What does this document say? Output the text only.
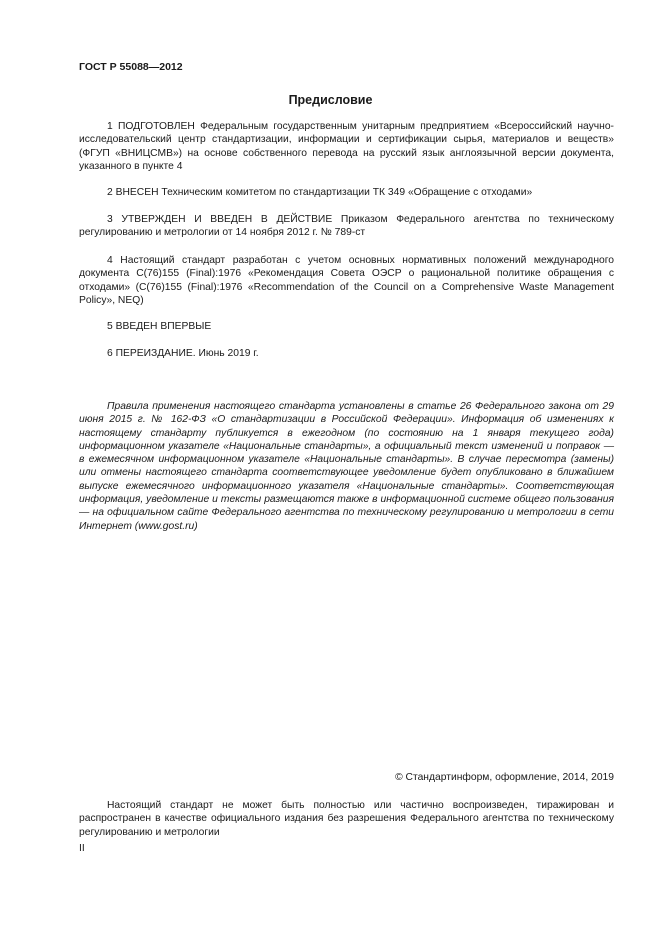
ГОСТ Р 55088—2012
Предисловие

1 ПОДГОТОВЛЕН Федеральным государственным унитарным предприятием «Всероссийский научно-исследовательский центр стандартизации, информации и сертификации сырья, материалов и веществ» (ФГУП «ВНИЦСМВ») на основе собственного перевода на русский язык англоязычной версии документа, указанного в пункте 4

2 ВНЕСЕН Техническим комитетом по стандартизации ТК 349 «Обращение с отходами»

3 УТВЕРЖДЕН И ВВЕДЕН В ДЕЙСТВИЕ Приказом Федерального агентства по техническому регулированию и метрологии от 14 ноября 2012 г. № 789-ст

4 Настоящий стандарт разработан с учетом основных нормативных положений международного документа C(76)155 (Final):1976 «Рекомендация Совета ОЭСР о рациональной политике обращения с отходами» (C(76)155 (Final):1976 «Recommendation of the Council on a Comprehensive Waste Management Policy», NEQ)

5 ВВЕДЕН ВПЕРВЫЕ

6 ПЕРЕИЗДАНИЕ. Июнь 2019 г.

Правила применения настоящего стандарта установлены в статье 26 Федерального закона от 29 июня 2015 г. № 162-ФЗ «О стандартизации в Российской Федерации». Информация об изменениях к настоящему стандарту публикуется в ежегодном (по состоянию на 1 января текущего года) информационном указателе «Национальные стандарты», а официальный текст изменений и поправок — в ежемесячном информационном указателе «Национальные стандарты». В случае пересмотра (замены) или отмены настоящего стандарта соответствующее уведомление будет опубликовано в ближайшем выпуске ежемесячного информационного указателя «Национальные стандарты». Соответствующая информация, уведомление и тексты размещаются также в информационной системе общего пользования — на официальном сайте Федерального агентства по техническому регулированию и метрологии в сети Интернет (www.gost.ru)

© Стандартинформ, оформление, 2014, 2019

Настоящий стандарт не может быть полностью или частично воспроизведен, тиражирован и распространен в качестве официального издания без разрешения Федерального агентства по техническому регулированию и метрологии

II
